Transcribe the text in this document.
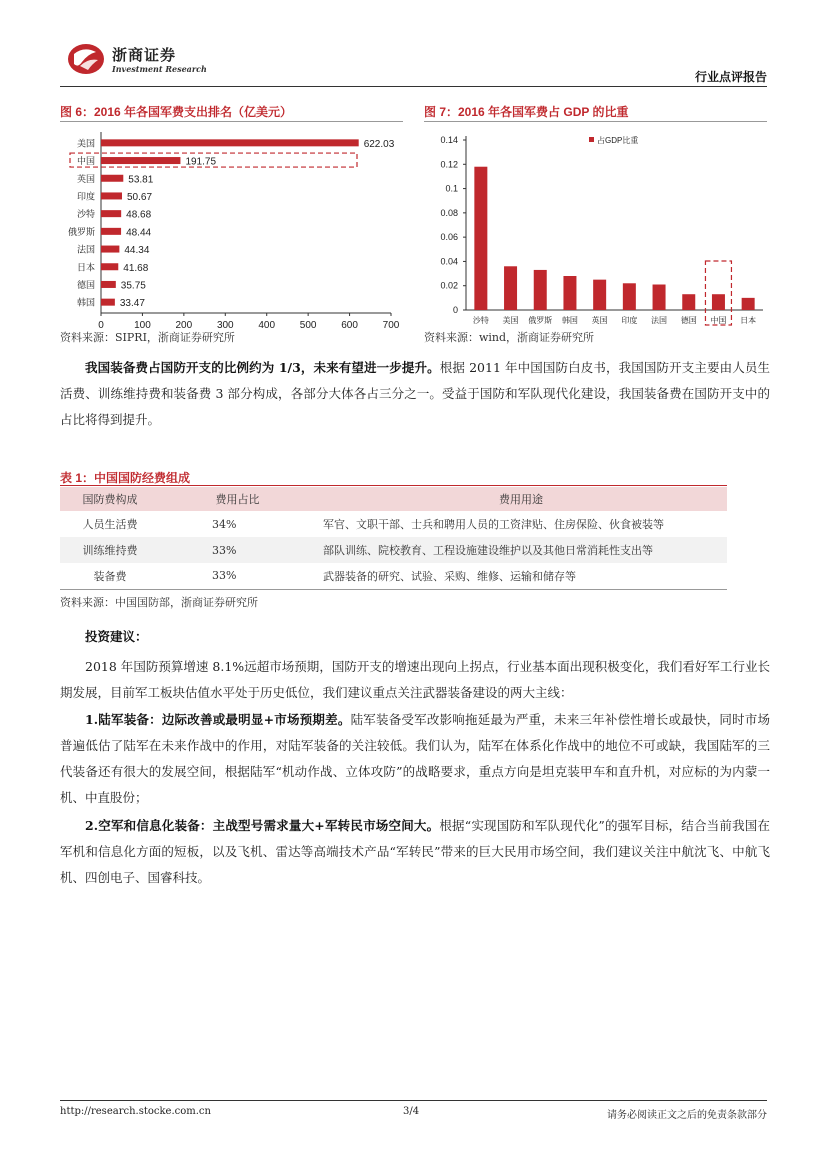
浙商证券
Investment Research
行业点评报告
图 6：2016 年各国军费支出排名（亿美元）
0	100 200 300 400 500 600 700
美国	622.03
中国	191.75
英国	53.81
印度	50.67
沙特	48.68
俄罗斯	48.44
法国	44.34
日本	41.68
德国	35.75
韩国 33.47
资料来源：SIPRI，浙商证券研究所
图 7：2016 年各国军费占 GDP 的比重
0
0.02
0.04
0.06
0.08
0.1
0.12
0.14
沙特 美国 俄罗斯 韩国 英国 印度 法国 德国 中国 日本
占GDP比重
资料来源：wind，浙商证券研究所
我国装备费占国防开支的比例约为 1/3，未来有望进一步提升。根据 2011 年中国国防白皮书，我国国防开支主要由人员生活费、训练维持费和装备费 3 部分构成，各部分大体各占三分之一。受益于国防和军队现代化建设，我国装备费在国防开支中的占比将得到提升。
表 1：中国国防经费组成
国防费构成	费用占比	费用用途
人员生活费	34%	军官、文职干部、士兵和聘用人员的工资津贴、住房保险、伙食被装等
训练维持费	33%	部队训练、院校教育、工程设施建设维护以及其他日常消耗性支出等
装备费	33%	武器装备的研究、试验、采购、维修、运输和储存等
资料来源：中国国防部，浙商证券研究所
投资建议：
2018 年国防预算增速 8.1%远超市场预期，国防开支的增速出现向上拐点，行业基本面出现积极变化，我们看好军工行业长期发展，目前军工板块估值水平处于历史低位，我们建议重点关注武器装备建设的两大主线：
1.陆军装备：边际改善或最明显+市场预期差。陆军装备受军改影响拖延最为严重，未来三年补偿性增长或最快，同时市场普遍低估了陆军在未来作战中的作用，对陆军装备的关注较低。我们认为，陆军在体系化作战中的地位不可或缺，我国陆军的三代装备还有很大的发展空间，根据陆军“机动作战、立体攻防”的战略要求，重点方向是坦克装甲车和直升机，对应标的为内蒙一机、中直股份；
2.空军和信息化装备：主战型号需求量大+军转民市场空间大。根据“实现国防和军队现代化”的强军目标，结合当前我国在军机和信息化方面的短板，以及飞机、雷达等高端技术产品“军转民”带来的巨大民用市场空间，我们建议关注中航沈飞、中航飞机、四创电子、国睿科技。
http://research.stocke.com.cn	3/4	请务必阅读正文之后的免责条款部分
